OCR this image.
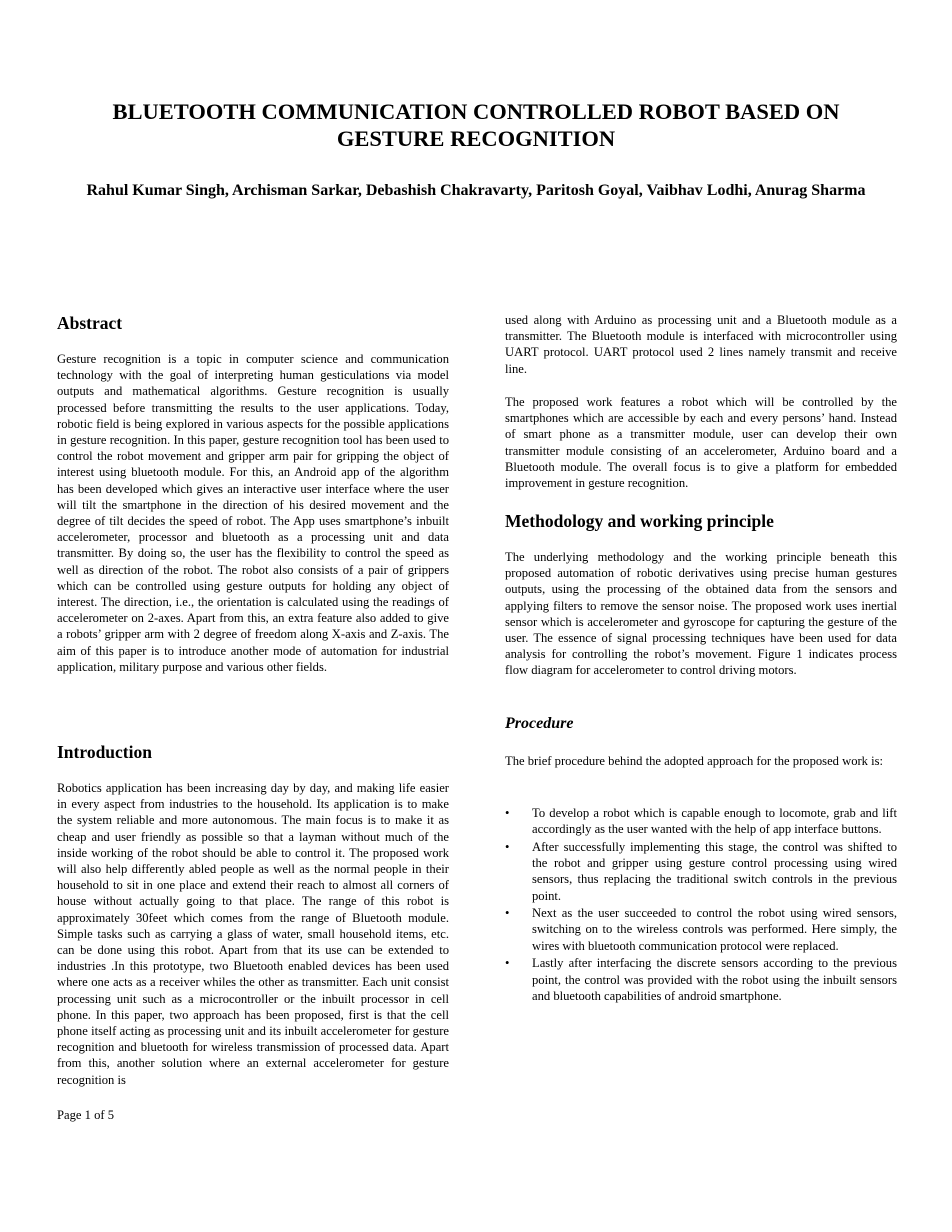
BLUETOOTH COMMUNICATION CONTROLLED ROBOT BASED ON GESTURE RECOGNITION
Rahul Kumar Singh, Archisman Sarkar, Debashish Chakravarty, Paritosh Goyal, Vaibhav Lodhi, Anurag Sharma
Abstract

Gesture recognition is a topic in computer science and communication technology with the goal of interpreting human gesticulations via model outputs and mathematical algorithms. Gesture recognition is usually processed before transmitting the results to the user applications. Today, robotic field is being explored in various aspects for the possible applications in gesture recognition. In this paper, gesture recognition tool has been used to control the robot movement and gripper arm pair for gripping the object of interest using bluetooth module. For this, an Android app of the algorithm has been developed which gives an interactive user interface where the user will tilt the smartphone in the direction of his desired movement and the degree of tilt decides the speed of robot. The App uses smartphone’s inbuilt accelerometer, processor and bluetooth as a processing unit and data transmitter. By doing so, the user has the flexibility to control the speed as well as direction of the robot. The robot also consists of a pair of grippers which can be controlled using gesture outputs for holding any object of interest. The direction, i.e., the orientation is calculated using the readings of accelerometer on 2-axes. Apart from this, an extra feature also added to give a robots’ gripper arm with 2 degree of freedom along X-axis and Z-axis. The aim of this paper is to introduce another mode of automation for industrial application, military purpose and various other fields.

Introduction

Robotics application has been increasing day by day, and making life easier in every aspect from industries to the household. Its application is to make the system reliable and more autonomous. The main focus is to make it as cheap and user friendly as possible so that a layman without much of the inside working of the robot should be able to control it. The proposed work will also help differently abled people as well as the normal people in their household to sit in one place and extend their reach to almost all corners of house without actually going to that place. The range of this robot is approximately 30feet which comes from the range of Bluetooth module. Simple tasks such as carrying a glass of water, small household items, etc. can be done using this robot. Apart from that its use can be extended to industries .In this prototype, two Bluetooth enabled devices has been used where one acts as a receiver whiles the other as transmitter. Each unit consist processing unit such as a microcontroller or the inbuilt processor in cell phone. In this paper, two approach has been proposed, first is that the cell phone itself acting as processing unit and its inbuilt accelerometer for gesture recognition and bluetooth for wireless transmission of processed data. Apart from this, another solution where an external accelerometer for gesture recognition is

used along with Arduino as processing unit and a Bluetooth module as a transmitter. The Bluetooth module is interfaced with microcontroller using UART protocol. UART protocol used 2 lines namely transmit and receive line.

The proposed work features a robot which will be controlled by the smartphones which are accessible by each and every persons’ hand. Instead of smart phone as a transmitter module, user can develop their own transmitter module consisting of an accelerometer, Arduino board and a Bluetooth module. The overall focus is to give a platform for embedded improvement in gesture recognition.

Methodology and working principle

The underlying methodology and the working principle beneath this proposed automation of robotic derivatives using precise human gestures outputs, using the processing of the obtained data from the sensors and applying filters to remove the sensor noise. The proposed work uses inertial sensor which is accelerometer and gyroscope for capturing the gesture of the user. The essence of signal processing techniques have been used for data analysis for controlling the robot’s movement. Figure 1 indicates process flow diagram for accelerometer to control driving motors.

Procedure

The brief procedure behind the adopted approach for the proposed work is:

• To develop a robot which is capable enough to locomote, grab and lift accordingly as the user wanted with the help of app interface buttons.
• After successfully implementing this stage, the control was shifted to the robot and gripper using gesture control processing using wired sensors, thus replacing the traditional switch controls in the previous point.
• Next as the user succeeded to control the robot using wired sensors, switching on to the wireless controls was performed. Here simply, the wires with bluetooth communication protocol were replaced.
• Lastly after interfacing the discrete sensors according to the previous point, the control was provided with the robot using the inbuilt sensors and bluetooth capabilities of android smartphone.
Page 1 of 5
